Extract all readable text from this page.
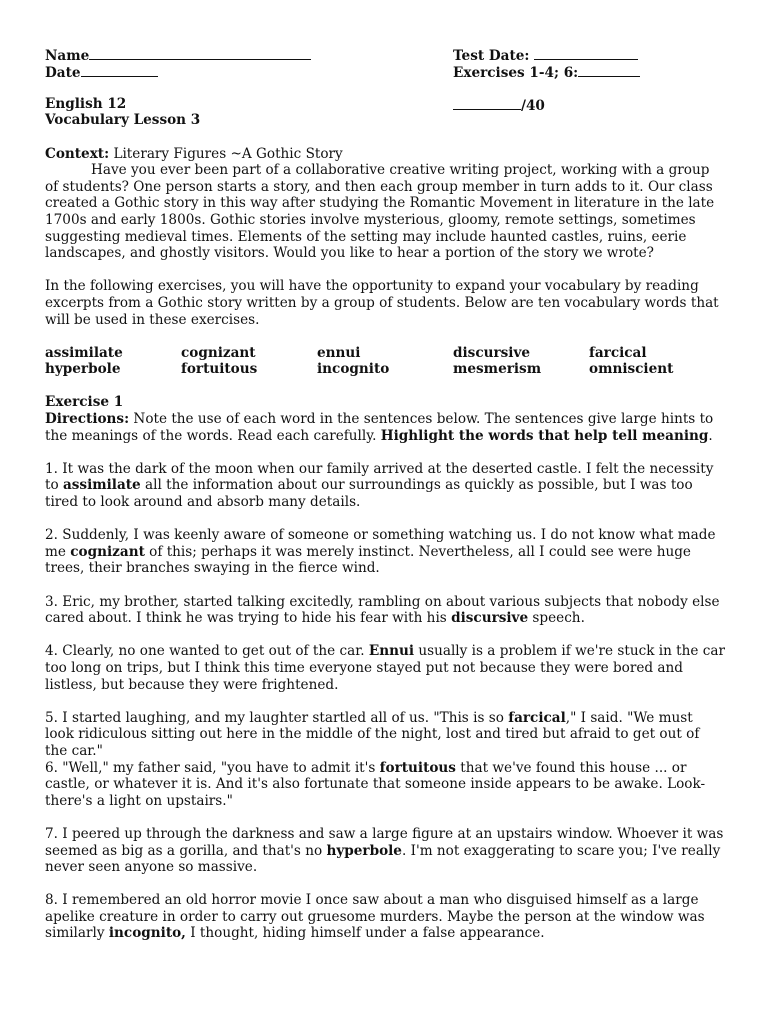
Name	Test Date:
Date	Exercises 1-4; 6:
English 12	/40
Vocabulary Lesson 3

Context: Literary Figures ~A Gothic Story

Have you ever been part of a collaborative creative writing project, working with a group of students? One person starts a story, and then each group member in turn adds to it. Our class created a Gothic story in this way after studying the Romantic Movement in literature in the late 1700s and early 1800s. Gothic stories involve mysterious, gloomy, remote settings, sometimes suggesting medieval times. Elements of the setting may include haunted castles, ruins, eerie landscapes, and ghostly visitors. Would you like to hear a portion of the story we wrote?

In the following exercises, you will have the opportunity to expand your vocabulary by reading excerpts from a Gothic story written by a group of students. Below are ten vocabulary words that will be used in these exercises.

assimilate	cognizant	ennui	discursive	farcical
hyperbole	fortuitous	incognito	mesmerism	omniscient

Exercise 1

Directions: Note the use of each word in the sentences below. The sentences give large hints to the meanings of the words. Read each carefully. Highlight the words that help tell meaning.

1. It was the dark of the moon when our family arrived at the deserted castle. I felt the necessity to assimilate all the information about our surroundings as quickly as possible, but I was too tired to look around and absorb many details.

2. Suddenly, I was keenly aware of someone or something watching us. I do not know what made me cognizant of this; perhaps it was merely instinct. Nevertheless, all I could see were huge trees, their branches swaying in the fierce wind.

3. Eric, my brother, started talking excitedly, rambling on about various subjects that nobody else cared about. I think he was trying to hide his fear with his discursive speech.

4. Clearly, no one wanted to get out of the car. Ennui usually is a problem if we're stuck in the car too long on trips, but I think this time everyone stayed put not because they were bored and listless, but because they were frightened.

5. I started laughing, and my laughter startled all of us. "This is so farcical," I said. "We must look ridiculous sitting out here in the middle of the night, lost and tired but afraid to get out of the car."

6. "Well," my father said, "you have to admit it's fortuitous that we've found this house ... or castle, or whatever it is. And it's also fortunate that someone inside appears to be awake. Look-there's a light on upstairs."

7. I peered up through the darkness and saw a large figure at an upstairs window. Whoever it was seemed as big as a gorilla, and that's no hyperbole. I'm not exaggerating to scare you; I've really never seen anyone so massive.

8. I remembered an old horror movie I once saw about a man who disguised himself as a large apelike creature in order to carry out gruesome murders. Maybe the person at the window was similarly incognito, I thought, hiding himself under a false appearance.
